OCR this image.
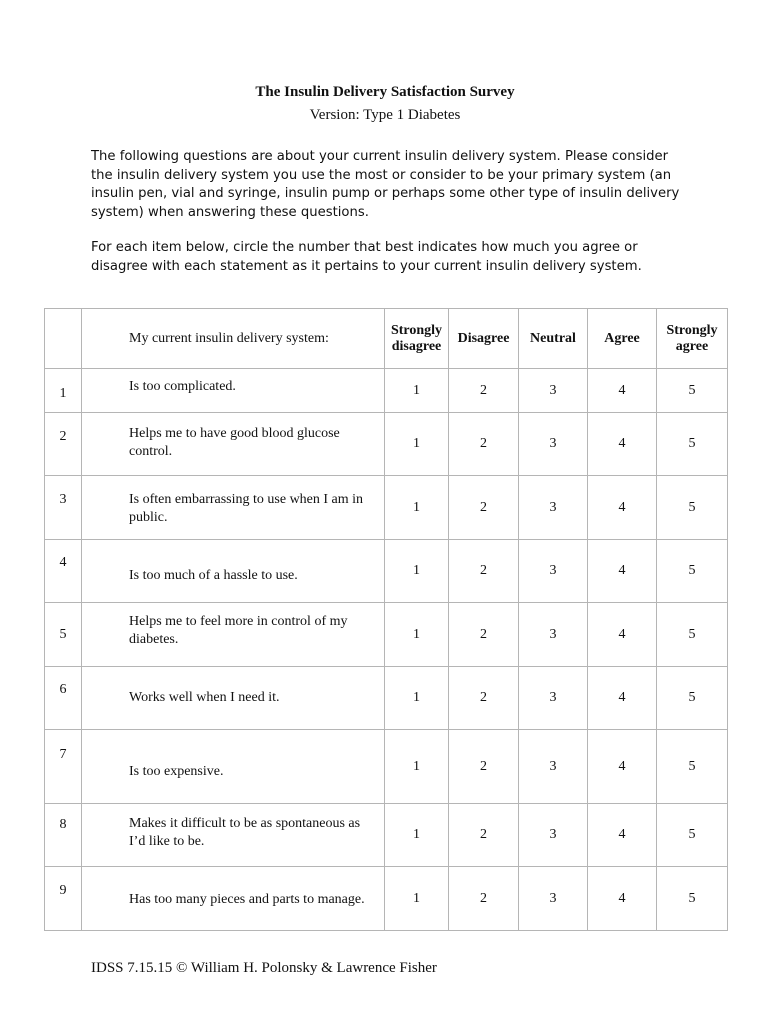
The Insulin Delivery Satisfaction Survey
Version: Type 1 Diabetes

The following questions are about your current insulin delivery system. Please consider the insulin delivery system you use the most or consider to be your primary system (an insulin pen, vial and syringe, insulin pump or perhaps some other type of insulin delivery system) when answering these questions.

For each item below, circle the number that best indicates how much you agree or disagree with each statement as it pertains to your current insulin delivery system.

	My current insulin delivery system:	Strongly disagree	Disagree	Neutral	Agree	Strongly agree
1	Is too complicated.	1	2	3	4	5
2	Helps me to have good blood glucose control.	1	2	3	4	5
3	Is often embarrassing to use when I am in public.	1	2	3	4	5
4	Is too much of a hassle to use.	1	2	3	4	5
5	Helps me to feel more in control of my diabetes.	1	2	3	4	5
6	Works well when I need it.	1	2	3	4	5
7	Is too expensive.	1	2	3	4	5
8	Makes it difficult to be as spontaneous as I’d like to be.	1	2	3	4	5
9	Has too many pieces and parts to manage.	1	2	3	4	5
IDSS 7.15.15 © William H. Polonsky & Lawrence Fisher
